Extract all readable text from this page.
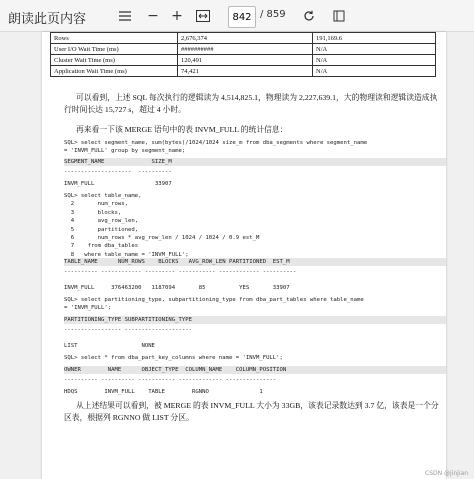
朗读此页内容	− +	842 / 859
Rows	2,676,374	191,169.6
User I/O Wait Time (ms)	##########	N/A
Cluster Wait Time (ms)	120,491	N/A
Application Wait Time (ms)	74,421	N/A
可以看到，上述 SQL 每次执行的逻辑读为 4,514,825.1，物理读为 2,227,639.1，大的物理读和逻辑读造成执行时间长达 15,727 s，超过 4 小时。
再来看一下该 MERGE 语句中的表 INVM_FULL 的统计信息：
SQL> select segment_name, sum(bytes)/1024/1024 size_m from dba_segments where segment_name
= 'INVM_FULL' group by segment_name;
SEGMENT_NAME              SIZE_M
--------------------  ----------
INVM_FULL                  33907
SQL> select table_name,
2       num_rows,
3       blocks,
4       avg_row_len,
5       partitioned,
6       num_rows * avg_row_len / 1024 / 1024 / 0.9 est_M
7    from dba_tables
8   where table_name = 'INVM_FULL';
TABLE_NAME      NUM_ROWS    BLOCKS   AVG_ROW_LEN PARTITIONED  EST_M
---------- ------------ --------- ----------- ------------ ----------
INVM_FULL     376463200   1187094       85          YES       33907
SQL> select partitioning_type, subpartitioning_type from dba_part_tables where table_name
= 'INVM_FULL';
PARTITIONING_TYPE SUBPARTITIONING_TYPE
----------------- --------------------
LIST                   NONE
SQL> select * from dba_part_key_columns where name = 'INVM_FULL';
OWNER        NAME      OBJECT_TYPE  COLUMN_NAME    COLUMN_POSITION
---------- ---------- ----------- ------------- ---------------
HDQS        INVM_FULL    TABLE        RGNNO               1
从上述结果可以看到，被 MERGE 的表 INVM_FULL 大小为 33GB，该表记录数达到 3.7 亿，该表是一个分区表，根据列 RGNNO 做 LIST 分区。
CSDN @jinjian
